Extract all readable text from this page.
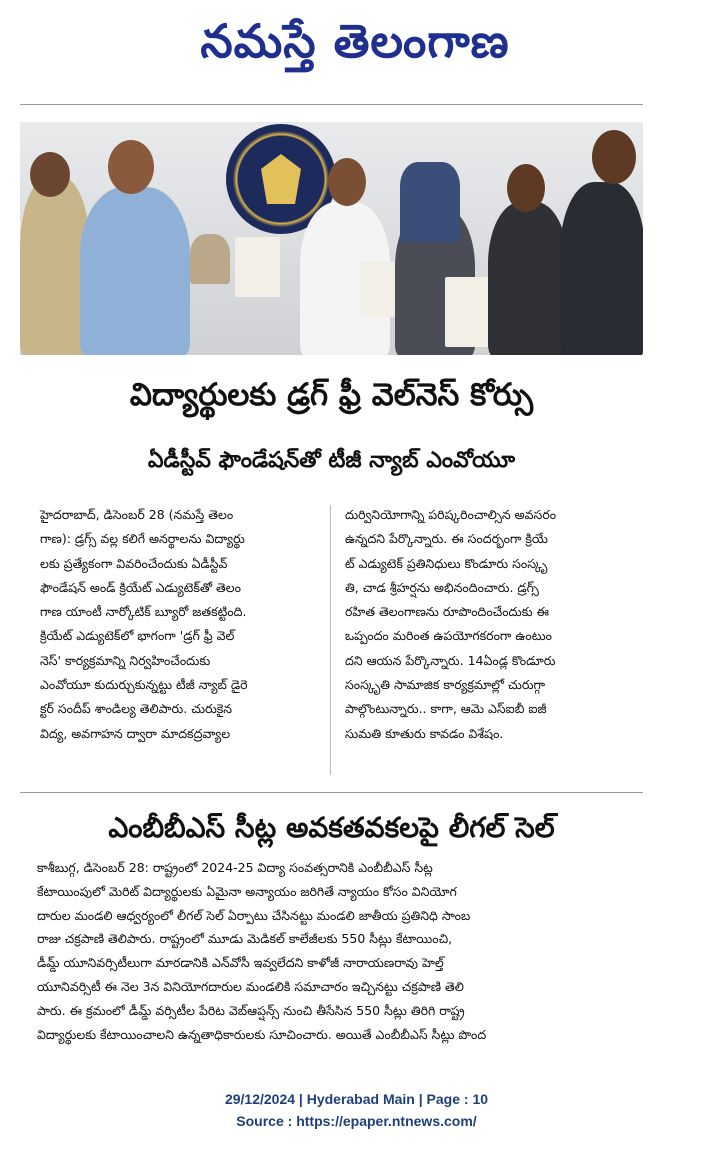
నమస్తే తెలంగాణ
విద్యార్థులకు డ్రగ్ ఫ్రీ వెల్‌నెస్ కోర్సు
ఏడీస్టీవ్ ఫౌండేషన్‌తో టీజీ న్యాబ్ ఎంవోయూ
హైదరాబాద్, డిసెంబర్ 28 (నమస్తే తెలం
గాణ): డ్రగ్స్ వల్ల కలిగే అనర్థాలను విద్యార్థు
లకు ప్రత్యేకంగా వివరించేందుకు ఏడీస్టీవ్
ఫౌండేషన్ అండ్ క్రియేట్ ఎడ్యుటెక్‌తో తెలం
గాణ యాంటీ నార్కోటిక్ బ్యూరో జతకట్టింది.
క్రియేట్ ఎడ్యుటెక్‌లో భాగంగా 'డ్రగ్ ఫ్రీ వెల్
నెస్' కార్యక్రమాన్ని నిర్వహించేందుకు
ఎంవోయూ కుదుర్చుకున్నట్టు టీజీ న్యాబ్ డైరె
క్టర్ సందీప్ శాండిల్య తెలిపారు. చురుకైన
విద్య, అవగాహన ద్వారా మాదకద్రవ్యాల
దుర్వినియోగాన్ని పరిష్కరించాల్సిన అవసరం
ఉన్నదని పేర్కొన్నారు. ఈ సందర్భంగా క్రియే
ట్ ఎడ్యుటెక్ ప్రతినిధులు కొండూరు సంస్కృ
తి, చాడ శ్రీహర్షను అభినందించారు. డ్రగ్స్
రహిత తెలంగాణను రూపొందించేందుకు ఈ
ఒప్పందం మరింత ఉపయోగకరంగా ఉంటుం
దని ఆయన పేర్కొన్నారు. 14ఏండ్ల కొండూరు
సంస్కృతి సామాజిక కార్యక్రమాల్లో చురుగ్గా
పాల్గొంటున్నారు.. కాగా, ఆమె ఎస్ఐబీ ఐజీ
సుమతి కూతురు కావడం విశేషం.
ఎంబీబీఎస్ సీట్ల అవకతవకలపై లీగల్ సెల్
కాశీబుగ్గ, డిసెంబర్ 28: రాష్ట్రంలో 2024-25 విద్యా సంవత్సరానికి ఎంబీబీఎస్ సీట్ల
కేటాయింపులో మెరిట్ విద్యార్థులకు ఏమైనా అన్యాయం జరిగితే న్యాయం కోసం వినియోగ
దారుల మండలి ఆధ్వర్యంలో లీగల్ సెల్ ఏర్పాటు చేసినట్టు మండలి జాతీయ ప్రతినిధి సాంబ
రాజు చక్రపాణి తెలిపారు. రాష్ట్రంలో మూడు మెడికల్ కాలేజీలకు 550 సీట్లు కేటాయించి,
డీమ్డ్ యూనివర్సిటీలుగా మారడానికి ఎన్‌వోసీ ఇవ్వలేదని కాళోజీ నారాయణరావు హెల్త్
యూనివర్సిటీ ఈ నెల 3న వినియోగదారుల మండలికి సమాచారం ఇచ్చినట్టు చక్రపాణి తెలి
పారు. ఈ క్రమంలో డీమ్డ్ వర్సిటీల పేరిట వెబ్‌ఆప్షన్స్ నుంచి తీసేసిన 550 సీట్లు తిరిగి రాష్ట్ర
విద్యార్థులకు కేటాయించాలని ఉన్నతాధికారులకు సూచించారు. అయితే ఎంబీబీఎస్ సీట్లు పొంద
29/12/2024 | Hyderabad Main | Page : 10
Source : https://epaper.ntnews.com/
